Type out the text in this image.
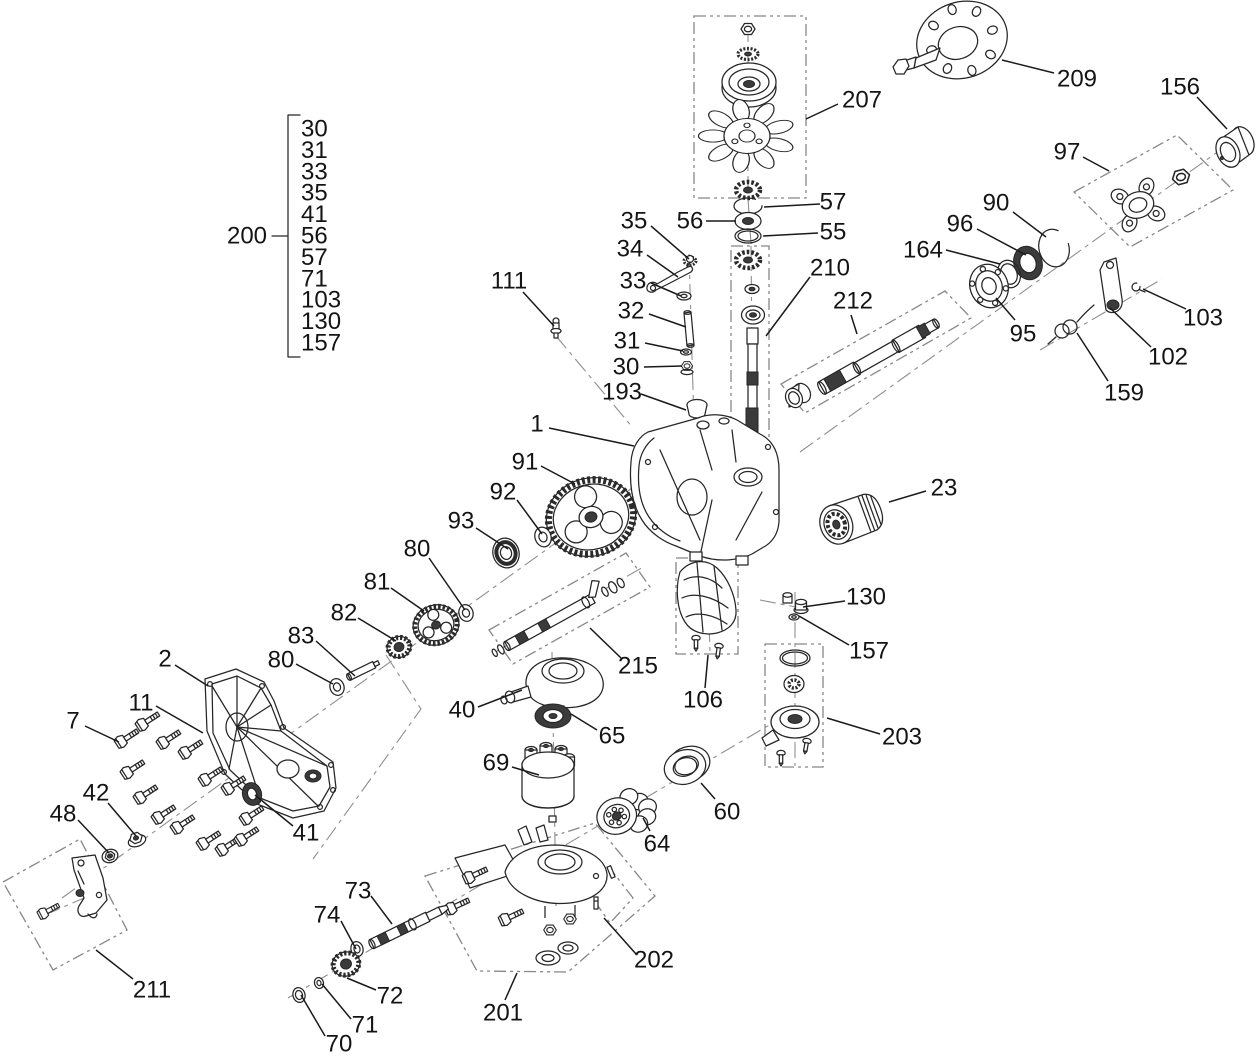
207
209	156
97
90
96
164
95
103
102
159
57
56	55
35
34
33
32
31
30
111	210
212
193
1
91
92
93
80
23
81
82
83
80
130
157
2	215
106
40
65
7
11
69
203
60
42
48
41	64
73
74
202
211	72
201
71
70
200
30
31
33
35
41
56
57
71
103
130
157
